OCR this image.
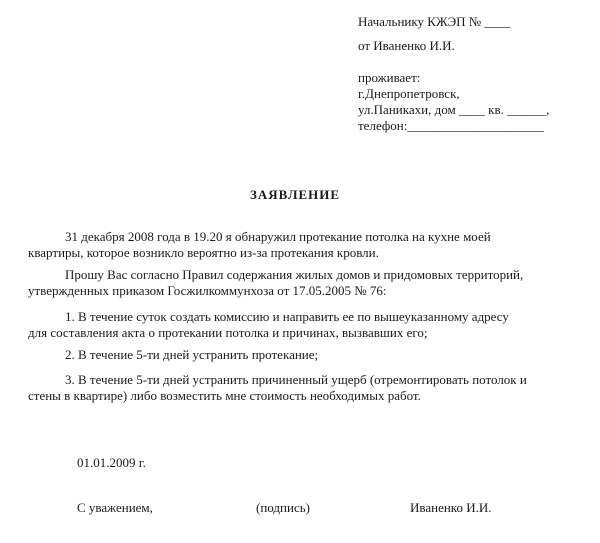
Начальнику КЖЭП № ____
от Иваненко И.И.
проживает:
г.Днепропетровск,
ул.Паникахи, дом ____ кв. ______,
телефон:_____________________
ЗАЯВЛЕНИЕ
31 декабря 2008 года в 19.20 я обнаружил протекание потолка на кухне моей
квартиры, которое возникло вероятно из-за протекания кровли.
Прошу Вас согласно Правил содержания жилых домов и придомовых территорий,
утвержденных приказом Госжилкоммунхоза от 17.05.2005 № 76:
1. В течение суток создать комиссию и направить ее по вышеуказанному адресу
для составления акта о протекании потолка и причинах, вызвавших его;
2. В течение 5-ти дней устранить протекание;
3. В течение 5-ти дней устранить причиненный ущерб (отремонтировать потолок и
стены в квартире) либо возместить мне стоимость необходимых работ.
01.01.2009 г.
С уважением,	(подпись)	Иваненко И.И.
